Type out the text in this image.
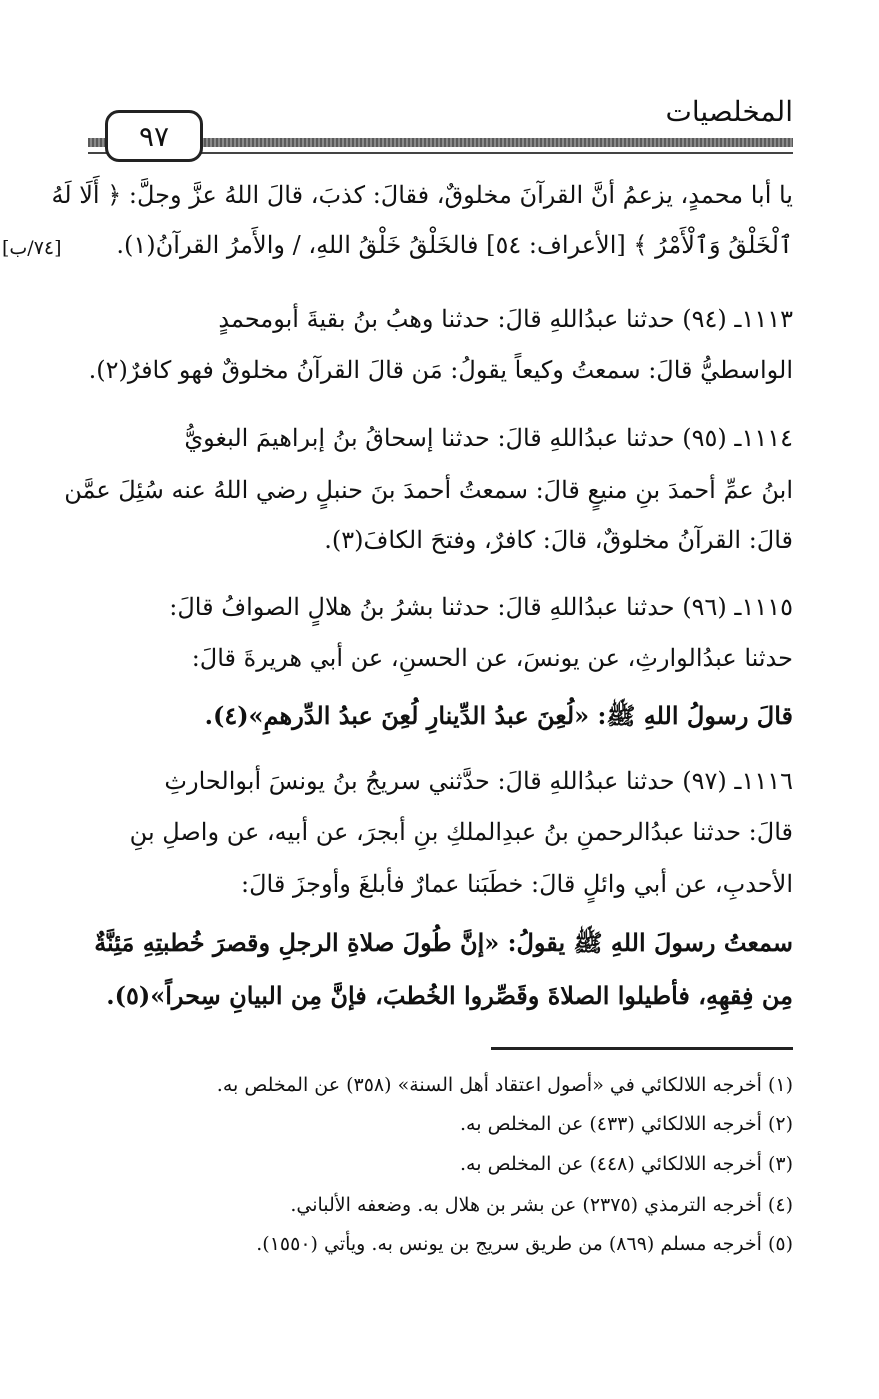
المخلصيات
٩٧
[٧٤/ب]
يا أبا محمدٍ، يزعمُ أنَّ القرآنَ مخلوقٌ، فقالَ: كذبَ، قالَ اللهُ عزَّ وجلَّ: ﴿ أَلَا لَهُ
ٱلْخَلْقُ وَٱلْأَمْرُ ﴾ [الأعراف: ٥٤] فالخَلْقُ خَلْقُ اللهِ، / والأَمرُ القرآنُ(١).
١١١٣ـ (٩٤) حدثنا عبدُاللهِ قالَ: حدثنا وهبُ بنُ بقيةَ أبومحمدٍ
الواسطيُّ قالَ: سمعتُ وكيعاً يقولُ: مَن قالَ القرآنُ مخلوقٌ فهو كافرٌ(٢).
١١١٤ـ (٩٥) حدثنا عبدُاللهِ قالَ: حدثنا إسحاقُ بنُ إبراهيمَ البغويُّ
ابنُ عمِّ أحمدَ بنِ منيعٍ قالَ: سمعتُ أحمدَ بنَ حنبلٍ رضي اللهُ عنه سُئِلَ عمَّن
قالَ: القرآنُ مخلوقٌ، قالَ: كافرٌ، وفتحَ الكافَ(٣).
١١١٥ـ (٩٦) حدثنا عبدُاللهِ قالَ: حدثنا بشرُ بنُ هلالٍ الصوافُ قالَ:
حدثنا عبدُالوارثِ، عن يونسَ، عن الحسنِ، عن أبي هريرةَ قالَ:
قالَ رسولُ اللهِ ﷺ: «لُعِنَ عبدُ الدِّينارِ لُعِنَ عبدُ الدِّرهمِ»(٤).
١١١٦ـ (٩٧) حدثنا عبدُاللهِ قالَ: حدَّثني سريجُ بنُ يونسَ أبوالحارثِ
قالَ: حدثنا عبدُالرحمنِ بنُ عبدِالملكِ بنِ أبجرَ، عن أبيه، عن واصلِ بنِ
الأحدبِ، عن أبي وائلٍ قالَ: خطَبَنا عمارٌ فأبلغَ وأوجزَ قالَ:
سمعتُ رسولَ اللهِ ﷺ يقولُ: «إنَّ طُولَ صلاةِ الرجلِ وقصرَ خُطبتِهِ مَئِنَّةٌ
مِن فِقهِهِ، فأطيلوا الصلاةَ وقَصِّروا الخُطبَ، فإنَّ مِن البيانِ سِحراً»(٥).
(١) أخرجه اللالكائي في «أصول اعتقاد أهل السنة» (٣٥٨) عن المخلص به.
(٢) أخرجه اللالكائي (٤٣٣) عن المخلص به.
(٣) أخرجه اللالكائي (٤٤٨) عن المخلص به.
(٤) أخرجه الترمذي (٢٣٧٥) عن بشر بن هلال به. وضعفه الألباني.
(٥) أخرجه مسلم (٨٦٩) من طريق سريج بن يونس به. ويأتي (١٥٥٠).
